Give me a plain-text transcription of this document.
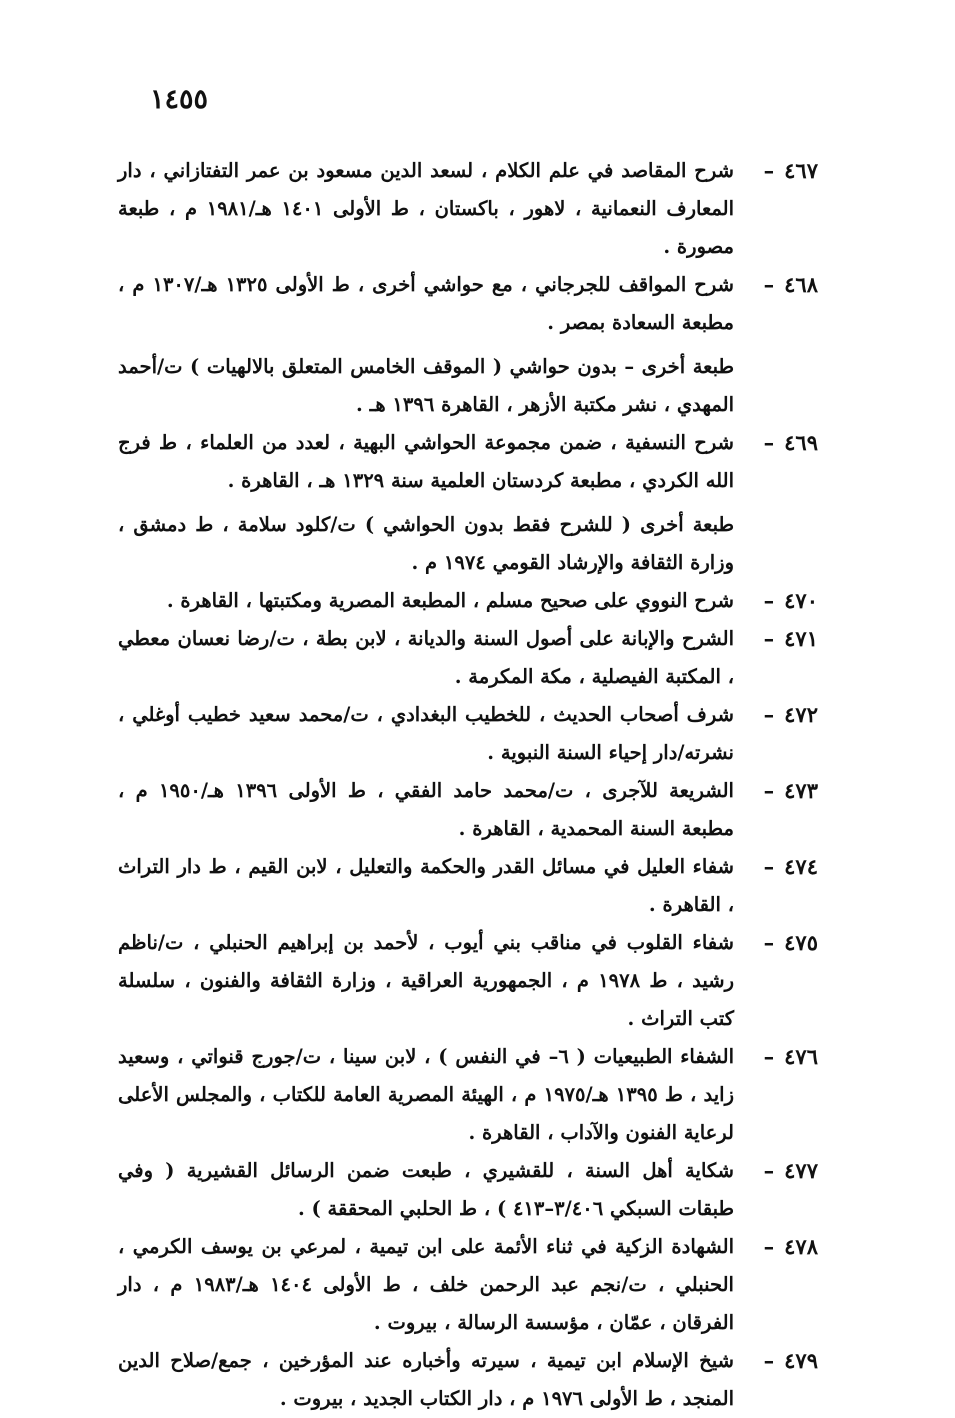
١٤٥٥
٤٦٧–
شرح المقاصد في علم الكلام ، لسعد الدين مسعود بن عمر التفتازاني ، دار المعارف النعمانية ، لاهور ، باكستان ، ط الأولى ١٤٠١ هـ/١٩٨١ م ، طبعة مصورة .
٤٦٨–
شرح المواقف للجرجاني ، مع حواشي أخرى ، ط الأولى ١٣٢٥ هـ/١٣٠٧ م ، مطبعة السعادة بمصر .
طبعة أخرى – بدون حواشي ( الموقف الخامس المتعلق بالالهيات ) ت/أحمد المهدي ، نشر مكتبة الأزهر ، القاهرة ١٣٩٦ هـ .
٤٦٩–
شرح النسفية ، ضمن مجموعة الحواشي البهية ، لعدد من العلماء ، ط فرج الله الكردي ، مطبعة كردستان العلمية سنة ١٣٢٩ هـ ، القاهرة .
طبعة أخرى ( للشرح فقط بدون الحواشي ) ت/كلود سلامة ، ط دمشق ، وزارة الثقافة والإرشاد القومي ١٩٧٤ م .
٤٧٠–
شرح النووي على صحيح مسلم ، المطبعة المصرية ومكتبتها ، القاهرة .
٤٧١–
الشرح والإبانة على أصول السنة والديانة ، لابن بطة ، ت/رضا نعسان معطي ، المكتبة الفيصلية ، مكة المكرمة .
٤٧٢–
شرف أصحاب الحديث ، للخطيب البغدادي ، ت/محمد سعيد خطيب أوغلي ، نشرته/دار إحياء السنة النبوية .
٤٧٣–
الشريعة للآجرى ، ت/محمد حامد الفقي ، ط الأولى ١٣٩٦ هـ/١٩٥٠ م ، مطبعة السنة المحمدية ، القاهرة .
٤٧٤–
شفاء العليل في مسائل القدر والحكمة والتعليل ، لابن القيم ، ط دار التراث ، القاهرة .
٤٧٥–
شفاء القلوب في مناقب بني أيوب ، لأحمد بن إبراهيم الحنبلي ، ت/ناظم رشيد ، ط ١٩٧٨ م ، الجمهورية العراقية ، وزارة الثقافة والفنون ، سلسلة كتب التراث .
٤٧٦–
الشفاء الطبيعيات ( ٦– في النفس ) ، لابن سينا ، ت/جورج قنواتي ، وسعيد زايد ، ط ١٣٩٥ هـ/١٩٧٥ م ، الهيئة المصرية العامة للكتاب ، والمجلس الأعلى لرعاية الفنون والآداب ، القاهرة .
٤٧٧–
شكاية أهل السنة ، للقشيري ، طبعت ضمن الرسائل القشيرية ( وفي طبقات السبكي ٣/٤٠٦–٤١٣ ) ، ط الحلبي المحققة ) .
٤٧٨–
الشهادة الزكية في ثناء الأئمة على ابن تيمية ، لمرعي بن يوسف الكرمي ، الحنبلي ، ت/نجم عبد الرحمن خلف ، ط الأولى ١٤٠٤ هـ/١٩٨٣ م ، دار الفرقان ، عمّان ، مؤسسة الرسالة ، بيروت .
٤٧٩–
شيخ الإسلام ابن تيمية ، سيرته وأخباره عند المؤرخين ، جمع/صلاح الدين المنجد ، ط الأولى ١٩٧٦ م ، دار الكتاب الجديد ، بيروت .
